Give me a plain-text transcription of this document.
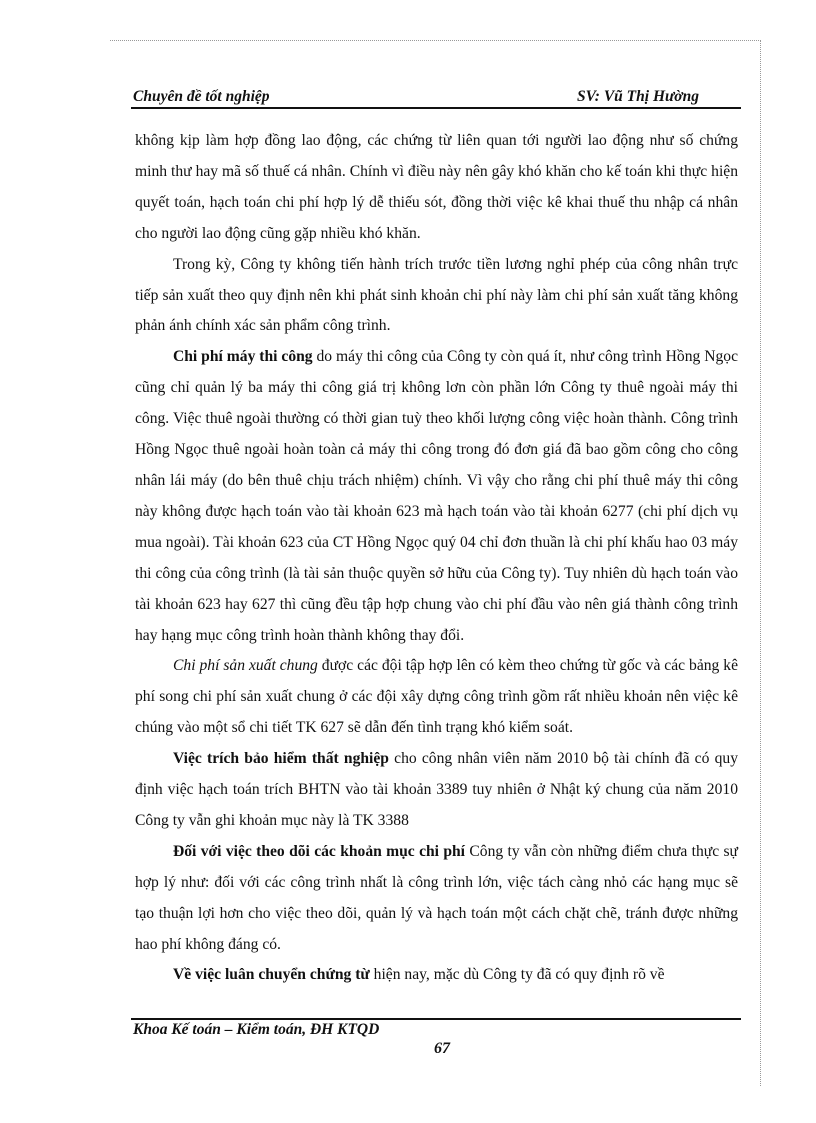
Chuyên đề tốt nghiệp	SV: Vũ Thị Hường

không kịp làm hợp đồng lao động, các chứng từ liên quan tới người lao động như số chứng minh thư hay mã số thuế cá nhân. Chính vì điều này nên gây khó khăn cho kế toán khi thực hiện quyết toán, hạch toán chi phí hợp lý dễ thiếu sót, đồng thời việc kê khai thuế thu nhập cá nhân cho người lao động cũng gặp nhiều khó khăn.

Trong kỳ, Công ty không tiến hành trích trước tiền lương nghỉ phép của công nhân trực tiếp sản xuất theo quy định nên khi phát sinh khoản chi phí này làm chi phí sản xuất tăng không phản ánh chính xác sản phẩm công trình.

Chi phí máy thi công do máy thi công của Công ty còn quá ít, như công trình Hồng Ngọc cũng chỉ quản lý ba máy thi công giá trị không lơn còn phần lớn Công ty thuê ngoài máy thi công. Việc thuê ngoài thường có thời gian tuỳ theo khối lượng công việc hoàn thành. Công trình Hồng Ngọc thuê ngoài hoàn toàn cả máy thi công trong đó đơn giá đã bao gồm công cho công nhân lái máy (do bên thuê chịu trách nhiệm) chính. Vì vậy cho rằng chi phí thuê máy thi công này không được hạch toán vào tài khoản 623 mà hạch toán vào tài khoản 6277 (chi phí dịch vụ mua ngoài). Tài khoản 623 của CT Hồng Ngọc quý 04 chỉ đơn thuần là chi phí khấu hao 03 máy thi công của công trình (là tài sản thuộc quyền sở hữu của Công ty). Tuy nhiên dù hạch toán vào tài khoản 623 hay 627 thì cũng đều tập hợp chung vào chi phí đầu vào nên giá thành công trình hay hạng mục công trình hoàn thành không thay đổi.

Chi phí sản xuất chung được các đội tập hợp lên có kèm theo chứng từ gốc và các bảng kê phí song chi phí sản xuất chung ở các đội xây dựng công trình gồm rất nhiều khoản nên việc kê chúng vào một sổ chi tiết TK 627 sẽ dẫn đến tình trạng khó kiểm soát.

Việc trích bảo hiểm thất nghiệp cho công nhân viên năm 2010 bộ tài chính đã có quy định việc hạch toán trích BHTN vào tài khoản 3389 tuy nhiên ở Nhật ký chung của năm 2010 Công ty vẫn ghi khoản mục này là TK 3388

Đối với việc theo dõi các khoản mục chi phí Công ty vẫn còn những điểm chưa thực sự hợp lý như: đối với các công trình nhất là công trình lớn, việc tách càng nhỏ các hạng mục sẽ tạo thuận lợi hơn cho việc theo dõi, quản lý và hạch toán một cách chặt chẽ, tránh được những hao phí không đáng có.

Về việc luân chuyển chứng từ hiện nay, mặc dù Công ty đã có quy định rõ về

Khoa Kế toán – Kiểm toán, ĐH KTQD
67
